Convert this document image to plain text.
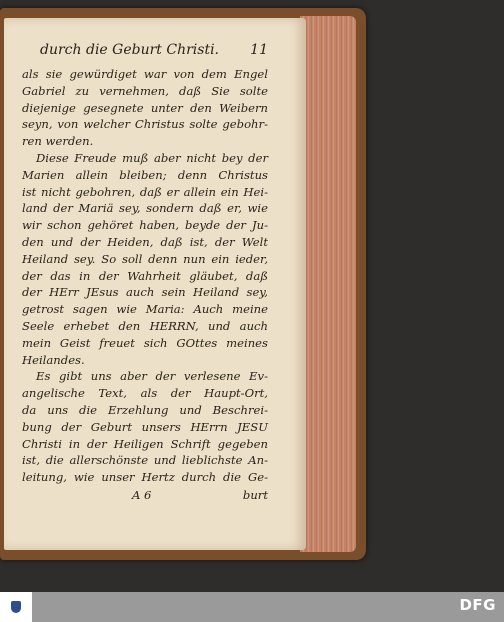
durch die Geburt Christi. 11
als sie gewürdiget war von dem Engel
Gabriel zu vernehmen, daß Sie solte
diejenige gesegnete unter den Weibern
seyn, von welcher Christus solte gebohr-
ren werden.
Diese Freude muß aber nicht bey der
Marien allein bleiben; denn Christus
ist nicht gebohren, daß er allein ein Hei-
land der Mariä sey, sondern daß er, wie
wir schon gehöret haben, beyde der Ju-
den und der Heiden, daß ist, der Welt
Heiland sey. So soll denn nun ein ieder,
der das in der Wahrheit gläubet, daß
der HErr JEsus auch sein Heiland sey,
getrost sagen wie Maria: Auch meine
Seele erhebet den HERRN, und auch
mein Geist freuet sich GOttes meines
Heilandes.
Es gibt uns aber der verlesene Ev-
angelische Text, als der Haupt-Ort,
da uns die Erzehlung und Beschrei-
bung der Geburt unsers HErrn JESU
Christi in der Heiligen Schrift gegeben
ist, die allerschönste und lieblichste An-
leitung, wie unser Hertz durch die Ge-
A 6	burt
DFG
